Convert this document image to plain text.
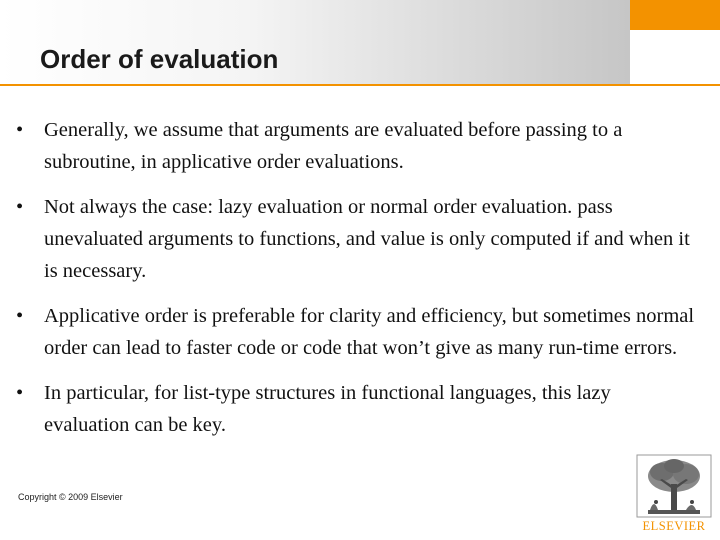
Order of evaluation
• Generally, we assume that arguments are evaluated before passing to a subroutine, in applicative order evaluations.
• Not always the case: lazy evaluation or normal order evaluation. pass unevaluated arguments to functions, and value is only computed if and when it is necessary.
• Applicative order is preferable for clarity and efficiency, but sometimes normal order can lead to faster code or code that won’t give as many run-time errors.
• In particular, for list-type structures in functional languages, this lazy evaluation can be key.
Copyright © 2009 Elsevier
ELSEVIER
